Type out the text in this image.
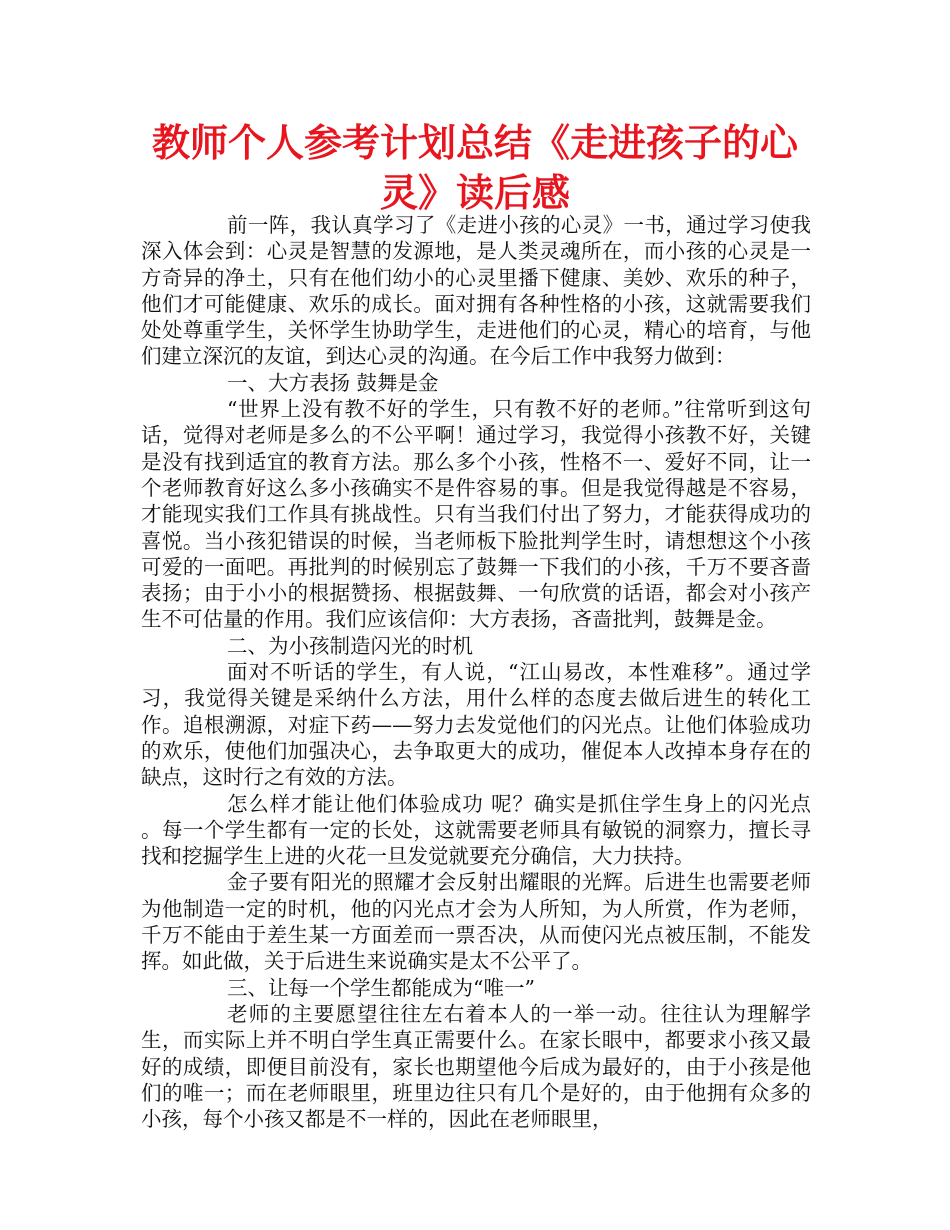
教师个人参考计划总结《走进孩子的心
灵》读后感

前一阵，我认真学习了《走进小孩的心灵》一书，通过学习使我深入体会到：心灵是智慧的发源地，是人类灵魂所在，而小孩的心灵是一方奇异的净土，只有在他们幼小的心灵里播下健康、美妙、欢乐的种子，他们才可能健康、欢乐的成长。面对拥有各种性格的小孩，这就需要我们处处尊重学生，关怀学生协助学生，走进他们的心灵，精心的培育，与他们建立深沉的友谊，到达心灵的沟通。在今后工作中我努力做到：

一、大方表扬 鼓舞是金

“世界上没有教不好的学生，只有教不好的老师。”往常听到这句话，觉得对老师是多么的不公平啊！通过学习，我觉得小孩教不好，关键是没有找到适宜的教育方法。那么多个小孩，性格不一、爱好不同，让一个老师教育好这么多小孩确实不是件容易的事。但是我觉得越是不容易，才能现实我们工作具有挑战性。只有当我们付出了努力，才能获得成功的喜悦。当小孩犯错误的时候，当老师板下脸批判学生时，请想想这个小孩可爱的一面吧。再批判的时候别忘了鼓舞一下我们的小孩，千万不要吝啬表扬；由于小小的根据赞扬、根据鼓舞、一句欣赏的话语，都会对小孩产生不可估量的作用。我们应该信仰：大方表扬，吝啬批判，鼓舞是金。

二、为小孩制造闪光的时机

面对不听话的学生，有人说，“江山易改，本性难移”。通过学习，我觉得关键是采纳什么方法，用什么样的态度去做后进生的转化工作。追根溯源，对症下药——努力去发觉他们的闪光点。让他们体验成功的欢乐，使他们加强决心，去争取更大的成功，催促本人改掉本身存在的缺点，这时行之有效的方法。

怎么样才能让他们体验成功 呢？确实是抓住学生身上的闪光点 。每一个学生都有一定的长处，这就需要老师具有敏锐的洞察力，擅长寻找和挖掘学生上进的火花一旦发觉就要充分确信，大力扶持。

金子要有阳光的照耀才会反射出耀眼的光辉。后进生也需要老师为他制造一定的时机，他的闪光点才会为人所知，为人所赏，作为老师，千万不能由于差生某一方面差而一票否决，从而使闪光点被压制，不能发挥。如此做，关于后进生来说确实是太不公平了。

三、让每一个学生都能成为“唯一”

老师的主要愿望往往左右着本人的一举一动。往往认为理解学生，而实际上并不明白学生真正需要什么。在家长眼中，都要求小孩又最好的成绩，即便目前没有，家长也期望他今后成为最好的，由于小孩是他们的唯一；而在老师眼里，班里边往只有几个是好的，由于他拥有众多的小孩，每个小孩又都是不一样的，因此在老师眼里，
